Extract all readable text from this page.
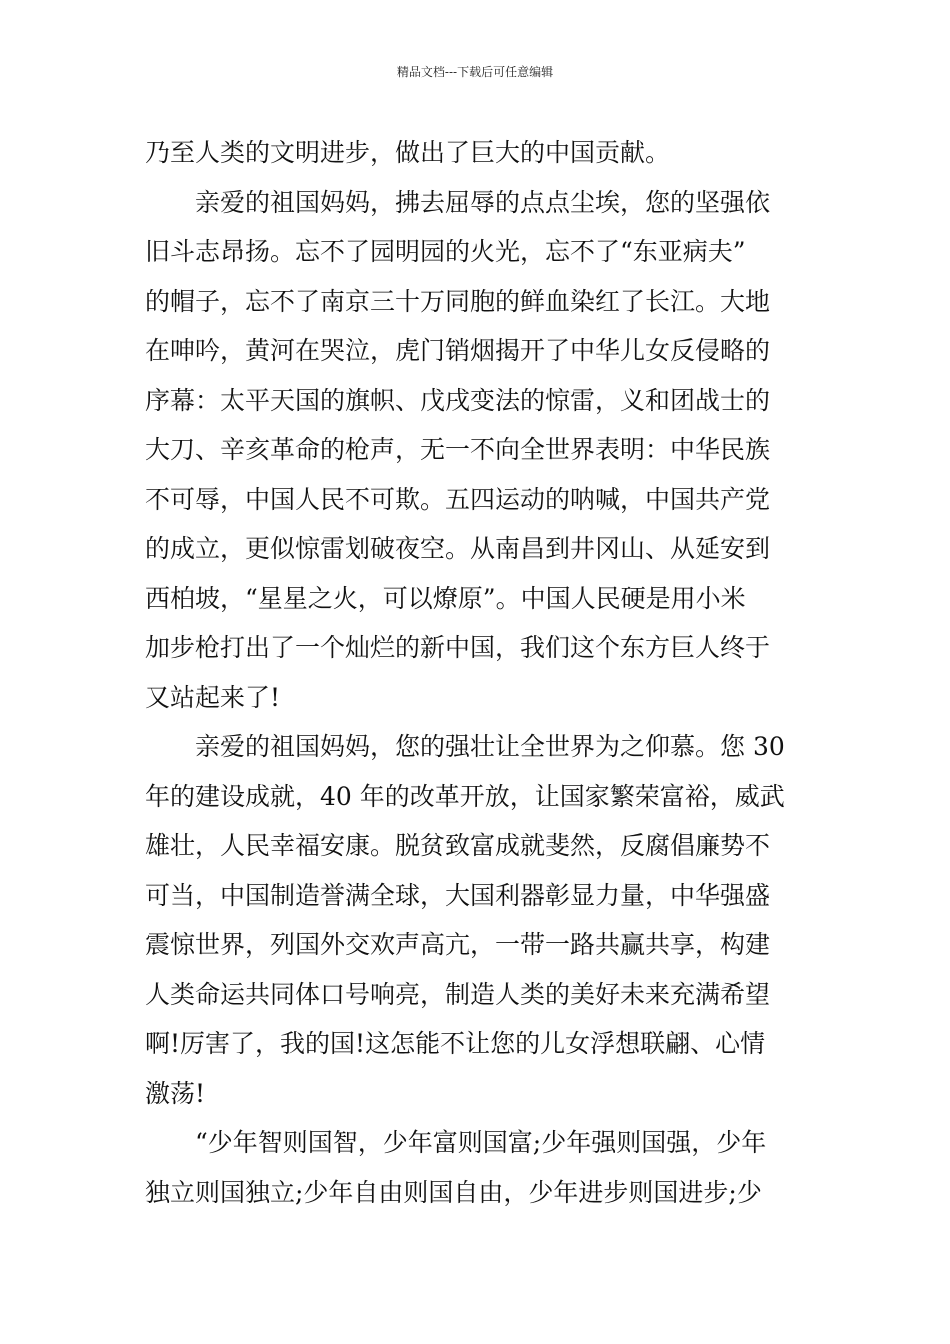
精品文档---下载后可任意编辑
乃至人类的文明进步，做出了巨大的中国贡献。
亲爱的祖国妈妈，拂去屈辱的点点尘埃，您的坚强依
旧斗志昂扬。忘不了园明园的火光，忘不了“东亚病夫”
的帽子，忘不了南京三十万同胞的鲜血染红了长江。大地
在呻吟，黄河在哭泣，虎门销烟揭开了中华儿女反侵略的
序幕：太平天国的旗帜、戊戌变法的惊雷，义和团战士的
大刀、辛亥革命的枪声，无一不向全世界表明：中华民族
不可辱，中国人民不可欺。五四运动的呐喊，中国共产党
的成立，更似惊雷划破夜空。从南昌到井冈山、从延安到
西柏坡，“星星之火，可以燎原”。中国人民硬是用小米
加步枪打出了一个灿烂的新中国，我们这个东方巨人终于
又站起来了!
亲爱的祖国妈妈，您的强壮让全世界为之仰慕。您 30
年的建设成就，40 年的改革开放，让国家繁荣富裕，威武
雄壮，人民幸福安康。脱贫致富成就斐然，反腐倡廉势不
可当，中国制造誉满全球，大国利器彰显力量，中华强盛
震惊世界，列国外交欢声高亢，一带一路共赢共享，构建
人类命运共同体口号响亮，制造人类的美好未来充满希望
啊!厉害了，我的国!这怎能不让您的儿女浮想联翩、心情
激荡!
“少年智则国智，少年富则国富;少年强则国强，少年
独立则国独立;少年自由则国自由，少年进步则国进步;少
